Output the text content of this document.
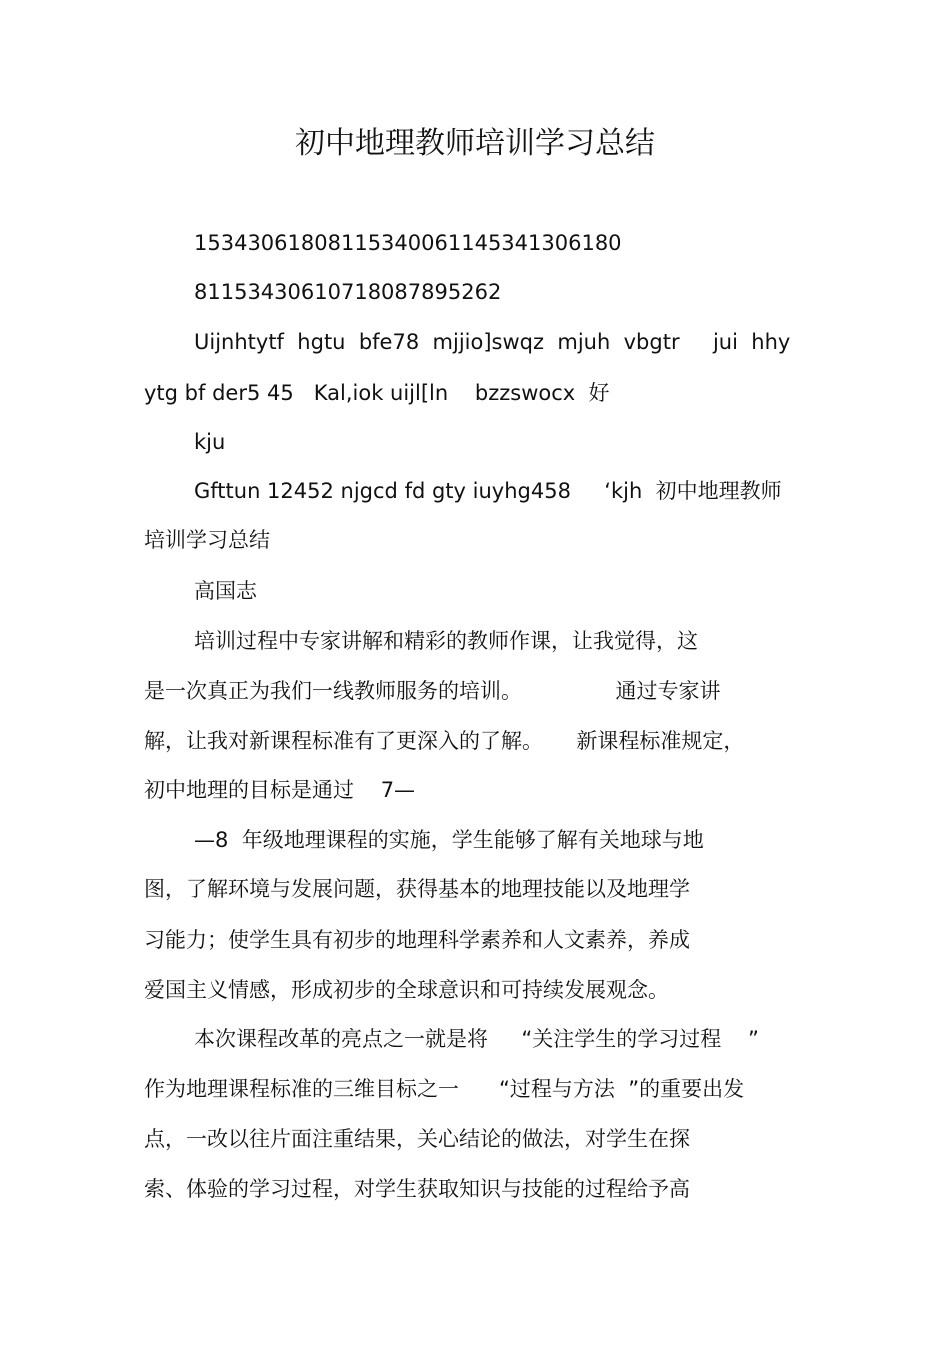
初中地理教师培训学习总结
1534306180811534006114534130618​0
8115343061071808789526​2
Uijnhtytf  hgtu  bfe78  mjjio]swqz  mjuh  vbgtr     jui  hhy
ytg bf der5 45   Kal,iok uijl[ln    bzzswocx  好
kju
Gfttun 12452 njgcd fd gty iuyhg458     ‘kjh  初中地理教师
培训学习总结
高国志
培训过程中专家讲解和精彩的教师作课，让我觉得，这
是一次真正为我们一线教师服务的培训。              通过专家讲
解，让我对新课程标准有了更深入的了解。     新课程标准规定，
初中地理的目标是通过    7—
—8  年级地理课程的实施，学生能够了解有关地球与地
图，了解环境与发展问题，获得基本的地理技能以及地理学
习能力；使学生具有初步的地理科学素养和人文素养，养成
爱国主义情感，形成初步的全球意识和可持续发展观念。
本次课程改革的亮点之一就是将     “关注学生的学习过程    ”
作为地理课程标准的三维目标之一      “过程与方法  ”的重要出发
点，一改以往片面注重结果，关心结论的做法，对学生在探
索、体验的学习过程，对学生获取知识与技能的过程给予高
